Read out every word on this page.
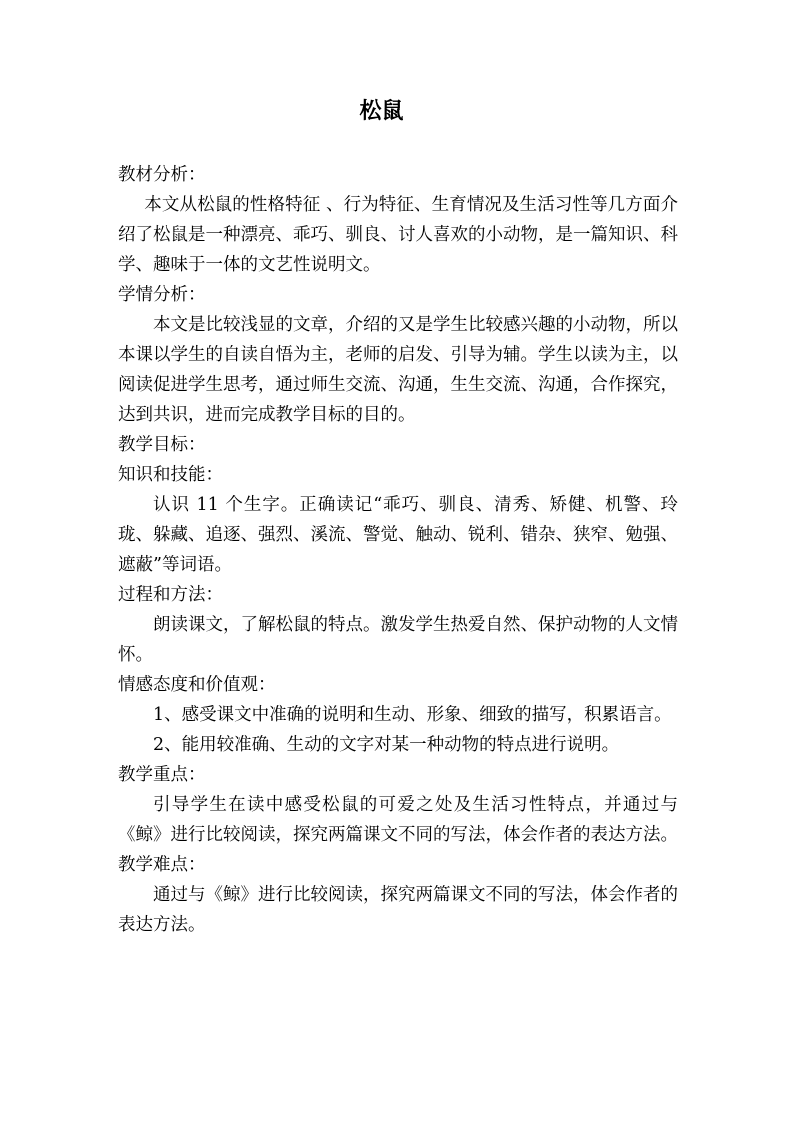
松鼠
教材分析：
本文从松鼠的性格特征 、行为特征、生育情况及生活习性等几方面介绍了松鼠是一种漂亮、乖巧、驯良、讨人喜欢的小动物，是一篇知识、科学、趣味于一体的文艺性说明文。
学情分析：
本文是比较浅显的文章，介绍的又是学生比较感兴趣的小动物，所以本课以学生的自读自悟为主，老师的启发、引导为辅。学生以读为主，以阅读促进学生思考，通过师生交流、沟通，生生交流、沟通，合作探究，达到共识，进而完成教学目标的目的。
教学目标：
知识和技能：
认识 11 个生字。正确读记“乖巧、驯良、清秀、矫健、机警、玲珑、躲藏、追逐、强烈、溪流、警觉、触动、锐利、错杂、狭窄、勉强、遮蔽”等词语。
过程和方法：
朗读课文，了解松鼠的特点。激发学生热爱自然、保护动物的人文情怀。
情感态度和价值观：
1、感受课文中准确的说明和生动、形象、细致的描写，积累语言。
2、能用较准确、生动的文字对某一种动物的特点进行说明。
教学重点：
引导学生在读中感受松鼠的可爱之处及生活习性特点，并通过与《鲸》进行比较阅读，探究两篇课文不同的写法，体会作者的表达方法。
教学难点：
通过与《鲸》进行比较阅读，探究两篇课文不同的写法，体会作者的表达方法。
